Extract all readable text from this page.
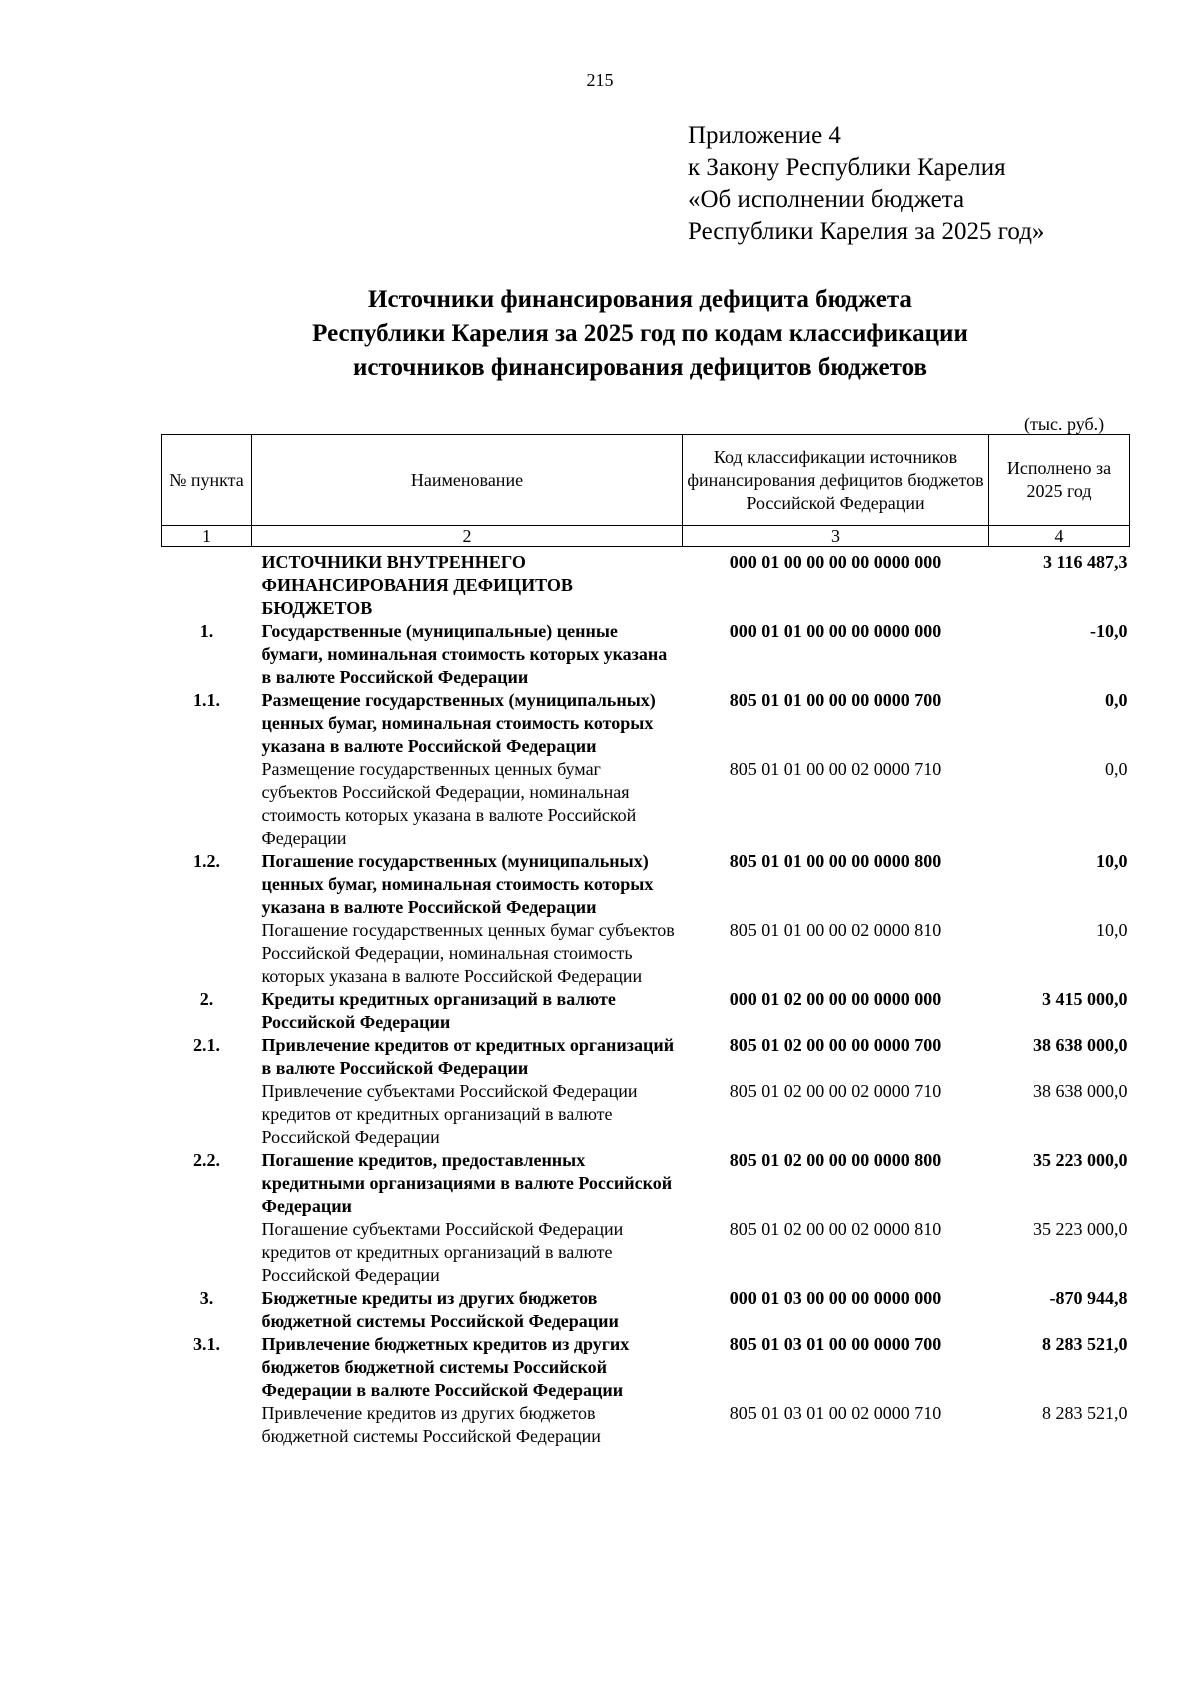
215
Приложение 4
к Закону Республики Карелия
«Об исполнении бюджета
Республики Карелия за 2025 год»
Источники финансирования дефицита бюджета
Республики Карелия за 2025 год по кодам классификации
источников финансирования дефицитов бюджетов
(тыс. руб.)
№ пункта	Наименование	Код классификации источников финансирования дефицитов бюджетов Российской Федерации	Исполнено за 2025 год
1	2	3	4
	ИСТОЧНИКИ ВНУТРЕННЕГО ФИНАНСИРОВАНИЯ ДЕФИЦИТОВ БЮДЖЕТОВ	000 01 00 00 00 00 0000 000	3 116 487,3
1.	Государственные (муниципальные) ценные бумаги, номинальная стоимость которых указана в валюте Российской Федерации	000 01 01 00 00 00 0000 000	-10,0
1.1.	Размещение государственных (муниципальных) ценных бумаг, номинальная стоимость которых указана в валюте Российской Федерации	805 01 01 00 00 00 0000 700	0,0
	Размещение государственных ценных бумаг субъектов Российской Федерации, номинальная стоимость которых указана в валюте Российской Федерации	805 01 01 00 00 02 0000 710	0,0
1.2.	Погашение государственных (муниципальных) ценных бумаг, номинальная стоимость которых указана в валюте Российской Федерации	805 01 01 00 00 00 0000 800	10,0
	Погашение государственных ценных бумаг субъектов Российской Федерации, номинальная стоимость которых указана в валюте Российской Федерации	805 01 01 00 00 02 0000 810	10,0
2.	Кредиты кредитных организаций в валюте Российской Федерации	000 01 02 00 00 00 0000 000	3 415 000,0
2.1.	Привлечение кредитов от кредитных организаций в валюте Российской Федерации	805 01 02 00 00 00 0000 700	38 638 000,0
	Привлечение субъектами Российской Федерации кредитов от кредитных организаций в валюте Российской Федерации	805 01 02 00 00 02 0000 710	38 638 000,0
2.2.	Погашение кредитов, предоставленных кредитными организациями в валюте Российской Федерации	805 01 02 00 00 00 0000 800	35 223 000,0
	Погашение субъектами Российской Федерации кредитов от кредитных организаций в валюте Российской Федерации	805 01 02 00 00 02 0000 810	35 223 000,0
3.	Бюджетные кредиты из других бюджетов бюджетной системы Российской Федерации	000 01 03 00 00 00 0000 000	-870 944,8
3.1.	Привлечение бюджетных кредитов из других бюджетов бюджетной системы Российской Федерации в валюте Российской Федерации	805 01 03 01 00 00 0000 700	8 283 521,0
	Привлечение кредитов из других бюджетов бюджетной системы Российской Федерации	805 01 03 01 00 02 0000 710	8 283 521,0
